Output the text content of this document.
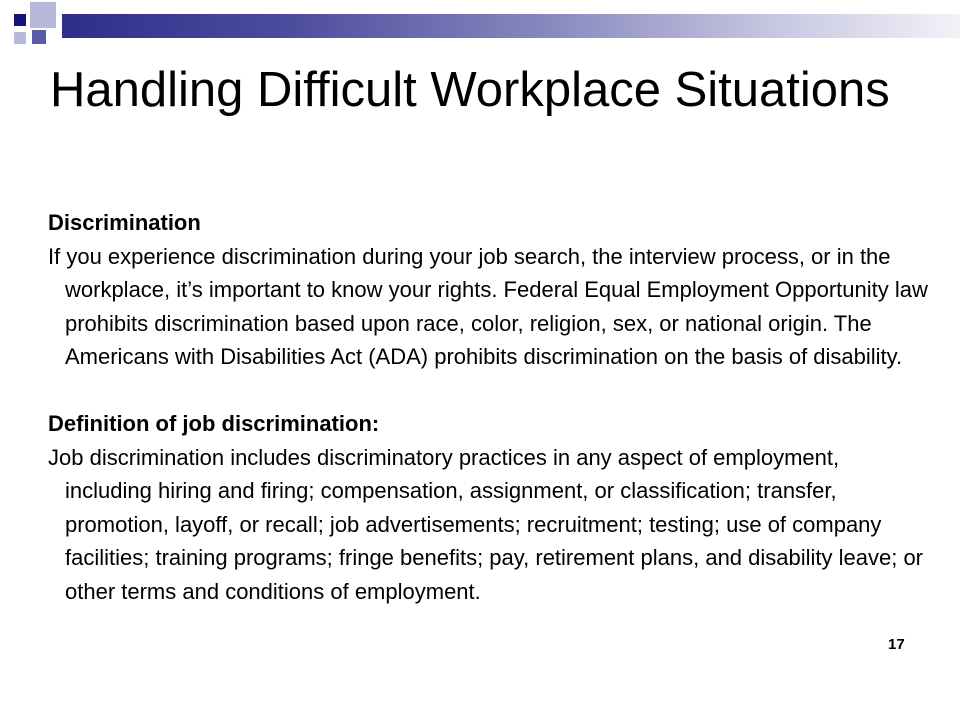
Handling Difficult Workplace Situations

Discrimination

If you experience discrimination during your job search, the interview process, or in the workplace, it’s important to know your rights. Federal Equal Employment Opportunity law prohibits discrimination based upon race, color, religion, sex, or national origin. The Americans with Disabilities Act (ADA) prohibits discrimination on the basis of disability.

Definition of job discrimination:

Job discrimination includes discriminatory practices in any aspect of employment, including hiring and firing; compensation, assignment, or classification; transfer, promotion, layoff, or recall; job advertisements; recruitment; testing; use of company facilities; training programs; fringe benefits; pay, retirement plans, and disability leave; or other terms and conditions of employment.

17
